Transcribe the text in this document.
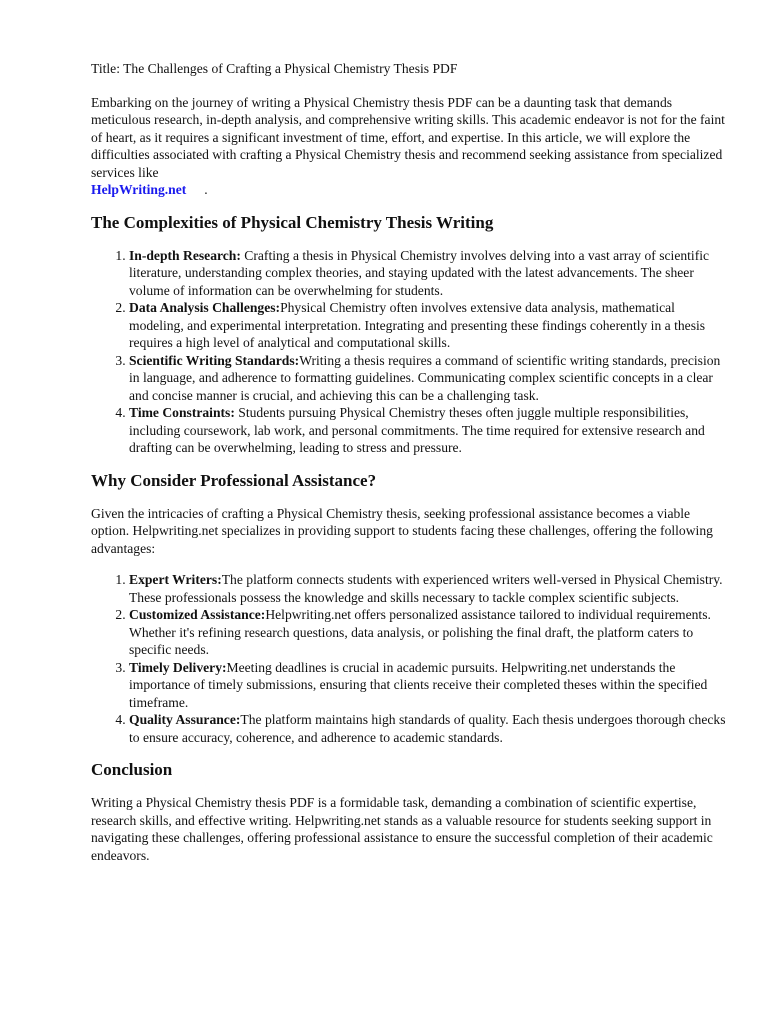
Title: The Challenges of Crafting a Physical Chemistry Thesis PDF

Embarking on the journey of writing a Physical Chemistry thesis PDF can be a daunting task that demands meticulous research, in-depth analysis, and comprehensive writing skills. This academic endeavor is not for the faint of heart, as it requires a significant investment of time, effort, and expertise. In this article, we will explore the difficulties associated with crafting a Physical Chemistry thesis and recommend seeking assistance from specialized services like
HelpWriting.net .

The Complexities of Physical Chemistry Thesis Writing
1. In-depth Research: Crafting a thesis in Physical Chemistry involves delving into a vast array of scientific literature, understanding complex theories, and staying updated with the latest advancements. The sheer volume of information can be overwhelming for students.
2. Data Analysis Challenges:Physical Chemistry often involves extensive data analysis, mathematical modeling, and experimental interpretation. Integrating and presenting these findings coherently in a thesis requires a high level of analytical and computational skills.
3. Scientific Writing Standards:Writing a thesis requires a command of scientific writing standards, precision in language, and adherence to formatting guidelines. Communicating complex scientific concepts in a clear and concise manner is crucial, and achieving this can be a challenging task.
4. Time Constraints: Students pursuing Physical Chemistry theses often juggle multiple responsibilities, including coursework, lab work, and personal commitments. The time required for extensive research and drafting can be overwhelming, leading to stress and pressure.
Why Consider Professional Assistance?

Given the intricacies of crafting a Physical Chemistry thesis, seeking professional assistance becomes a viable option. Helpwriting.net specializes in providing support to students facing these challenges, offering the following advantages:

1. Expert Writers:The platform connects students with experienced writers well-versed in Physical Chemistry. These professionals possess the knowledge and skills necessary to tackle complex scientific subjects.
2. Customized Assistance:Helpwriting.net offers personalized assistance tailored to individual requirements. Whether it's refining research questions, data analysis, or polishing the final draft, the platform caters to specific needs.
3. Timely Delivery:Meeting deadlines is crucial in academic pursuits. Helpwriting.net understands the importance of timely submissions, ensuring that clients receive their completed theses within the specified timeframe.
4. Quality Assurance:The platform maintains high standards of quality. Each thesis undergoes thorough checks to ensure accuracy, coherence, and adherence to academic standards.
Conclusion

Writing a Physical Chemistry thesis PDF is a formidable task, demanding a combination of scientific expertise, research skills, and effective writing. Helpwriting.net stands as a valuable resource for students seeking support in navigating these challenges, offering professional assistance to ensure the successful completion of their academic endeavors.
